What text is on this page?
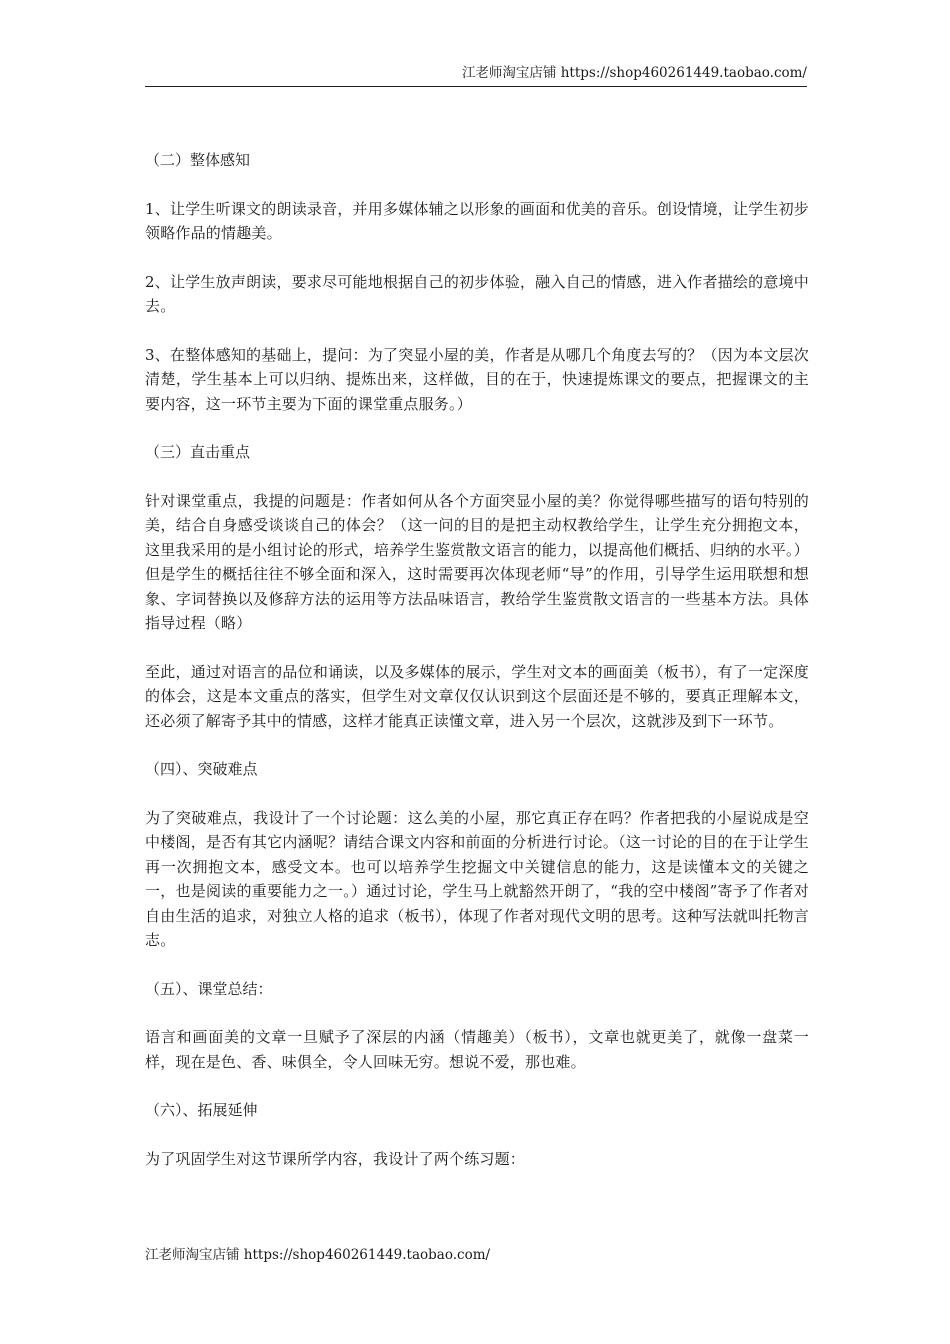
江老师淘宝店铺 https://shop460261449.taobao.com/

（二）整体感知

1、让学生听课文的朗读录音，并用多媒体辅之以形象的画面和优美的音乐。创设情境，让学生初步领略作品的情趣美。

2、让学生放声朗读，要求尽可能地根据自己的初步体验，融入自己的情感，进入作者描绘的意境中去。

3、在整体感知的基础上，提问：为了突显小屋的美，作者是从哪几个角度去写的？（因为本文层次清楚，学生基本上可以归纳、提炼出来，这样做，目的在于，快速提炼课文的要点，把握课文的主要内容，这一环节主要为下面的课堂重点服务。）

（三）直击重点

针对课堂重点，我提的问题是：作者如何从各个方面突显小屋的美？你觉得哪些描写的语句特别的美，结合自身感受谈谈自己的体会？（这一问的目的是把主动权教给学生，让学生充分拥抱文本，这里我采用的是小组讨论的形式，培养学生鉴赏散文语言的能力，以提高他们概括、归纳的水平。）但是学生的概括往往不够全面和深入，这时需要再次体现老师“导”的作用，引导学生运用联想和想象、字词替换以及修辞方法的运用等方法品味语言，教给学生鉴赏散文语言的一些基本方法。具体指导过程（略）

至此，通过对语言的品位和诵读，以及多媒体的展示，学生对文本的画面美（板书），有了一定深度的体会，这是本文重点的落实，但学生对文章仅仅认识到这个层面还是不够的，要真正理解本文，还必须了解寄予其中的情感，这样才能真正读懂文章，进入另一个层次，这就涉及到下一环节。

（四）、突破难点

为了突破难点，我设计了一个讨论题：这么美的小屋，那它真正存在吗？作者把我的小屋说成是空中楼阁，是否有其它内涵呢？请结合课文内容和前面的分析进行讨论。（这一讨论的目的在于让学生再一次拥抱文本，感受文本。也可以培养学生挖掘文中关键信息的能力，这是读懂本文的关键之一，也是阅读的重要能力之一。）通过讨论，学生马上就豁然开朗了，“我的空中楼阁”寄予了作者对自由生活的追求，对独立人格的追求（板书），体现了作者对现代文明的思考。这种写法就叫托物言志。

（五）、课堂总结：

语言和画面美的文章一旦赋予了深层的内涵（情趣美）（板书），文章也就更美了，就像一盘菜一样，现在是色、香、味俱全，令人回味无穷。想说不爱，那也难。

（六）、拓展延伸

为了巩固学生对这节课所学内容，我设计了两个练习题：

江老师淘宝店铺 https://shop460261449.taobao.com/
